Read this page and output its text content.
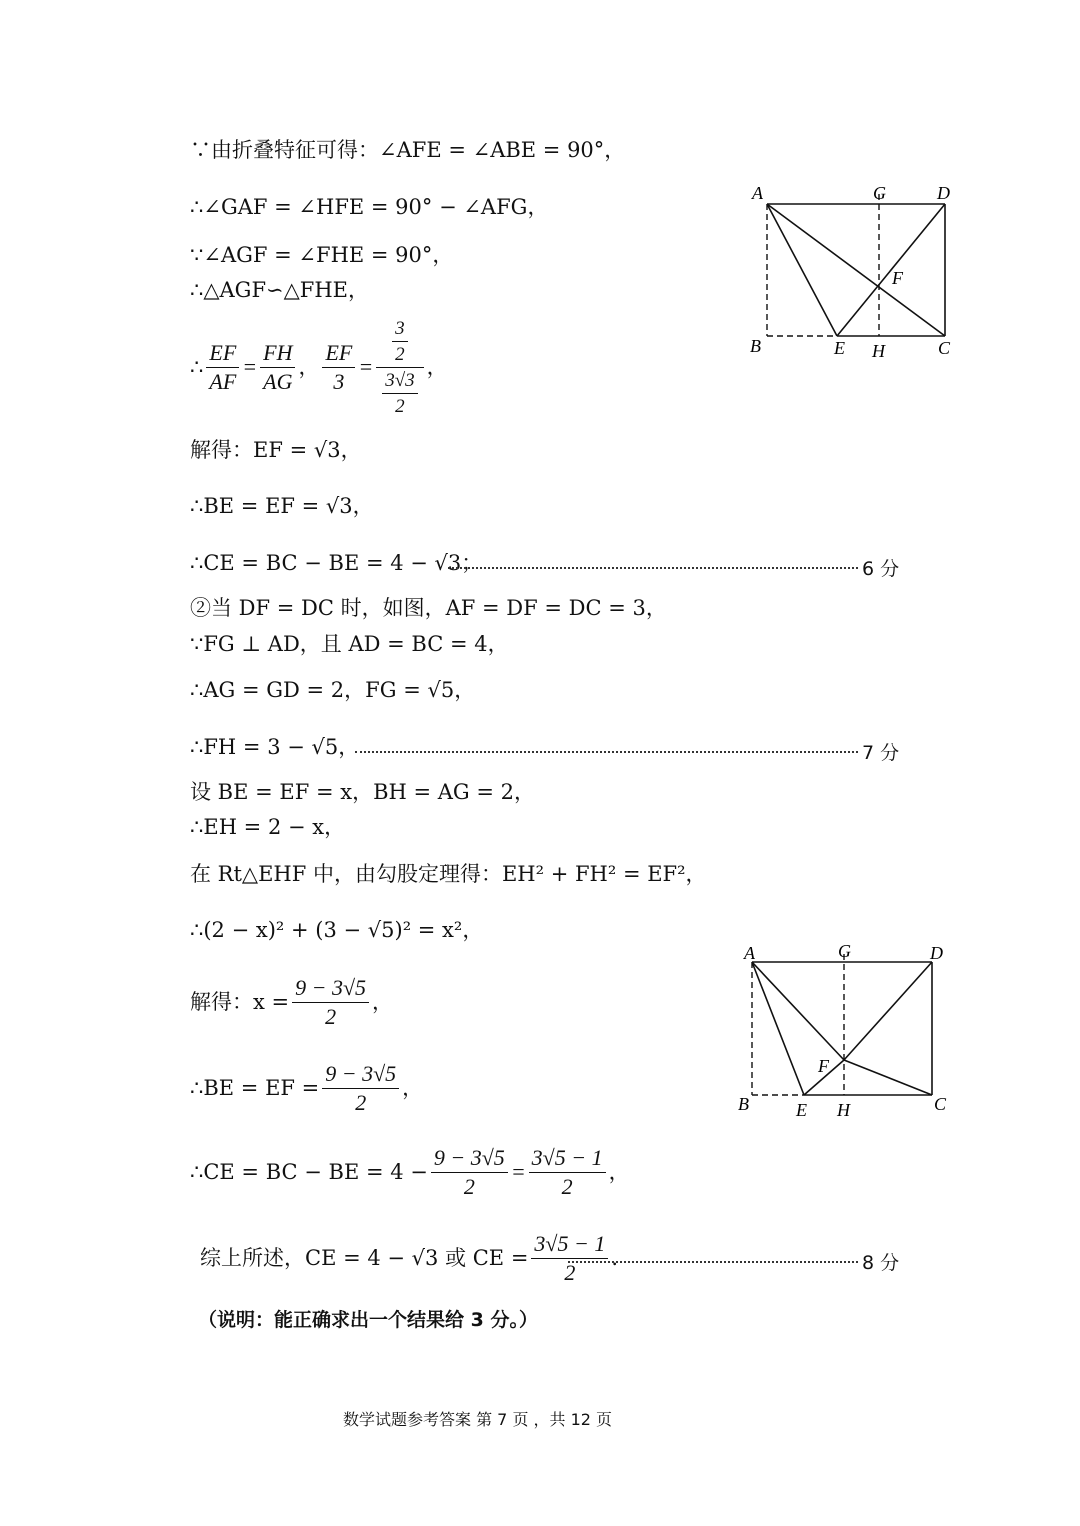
∵由折叠特征可得：∠AFE = ∠ABE = 90°，
∴∠GAF = ∠HFE = 90° − ∠AFG，
∵∠AGF = ∠FHE = 90°，
∴△AGF∽△FHE，
∴ $\frac{EF}{AF} = \frac{FH}{AG}$ ， $\frac{EF}{3} = \frac{\frac{3}{2}}{\frac{3√3}{2}}$ ，
解得：EF = √3，
∴BE = EF = √3，
∴CE = BC − BE = 4 − √3；	6 分
②当 DF = DC 时，如图，AF = DF = DC = 3，
∵FG ⊥ AD，且 AD = BC = 4，
∴AG = GD = 2，FG = √5，
∴FH = 3 − √5，	7 分
设 BE = EF = x，BH = AG = 2，
∴EH = 2 − x，
在 Rt△EHF 中，由勾股定理得：EH² + FH² = EF²，
∴(2 − x)² + (3 − √5)² = x²，
解得：$x = \frac{9 - 3√5}{2}$ ，
∴BE = EF = $\frac{9 - 3√5}{2}$ ，
∴CE = BC − BE = $4 - \frac{9 - 3√5}{2} = \frac{3√5 - 1}{2}$ ，
综上所述，CE = 4 − √3 或 CE = $\frac{3√5 - 1}{2}$ .	8 分
（说明：能正确求出一个结果给 3 分。）
A	G	D
F
B	E H	C
A	G	D
F
B	E H	C
数学试题参考答案 第 7 页 ，共 12 页
